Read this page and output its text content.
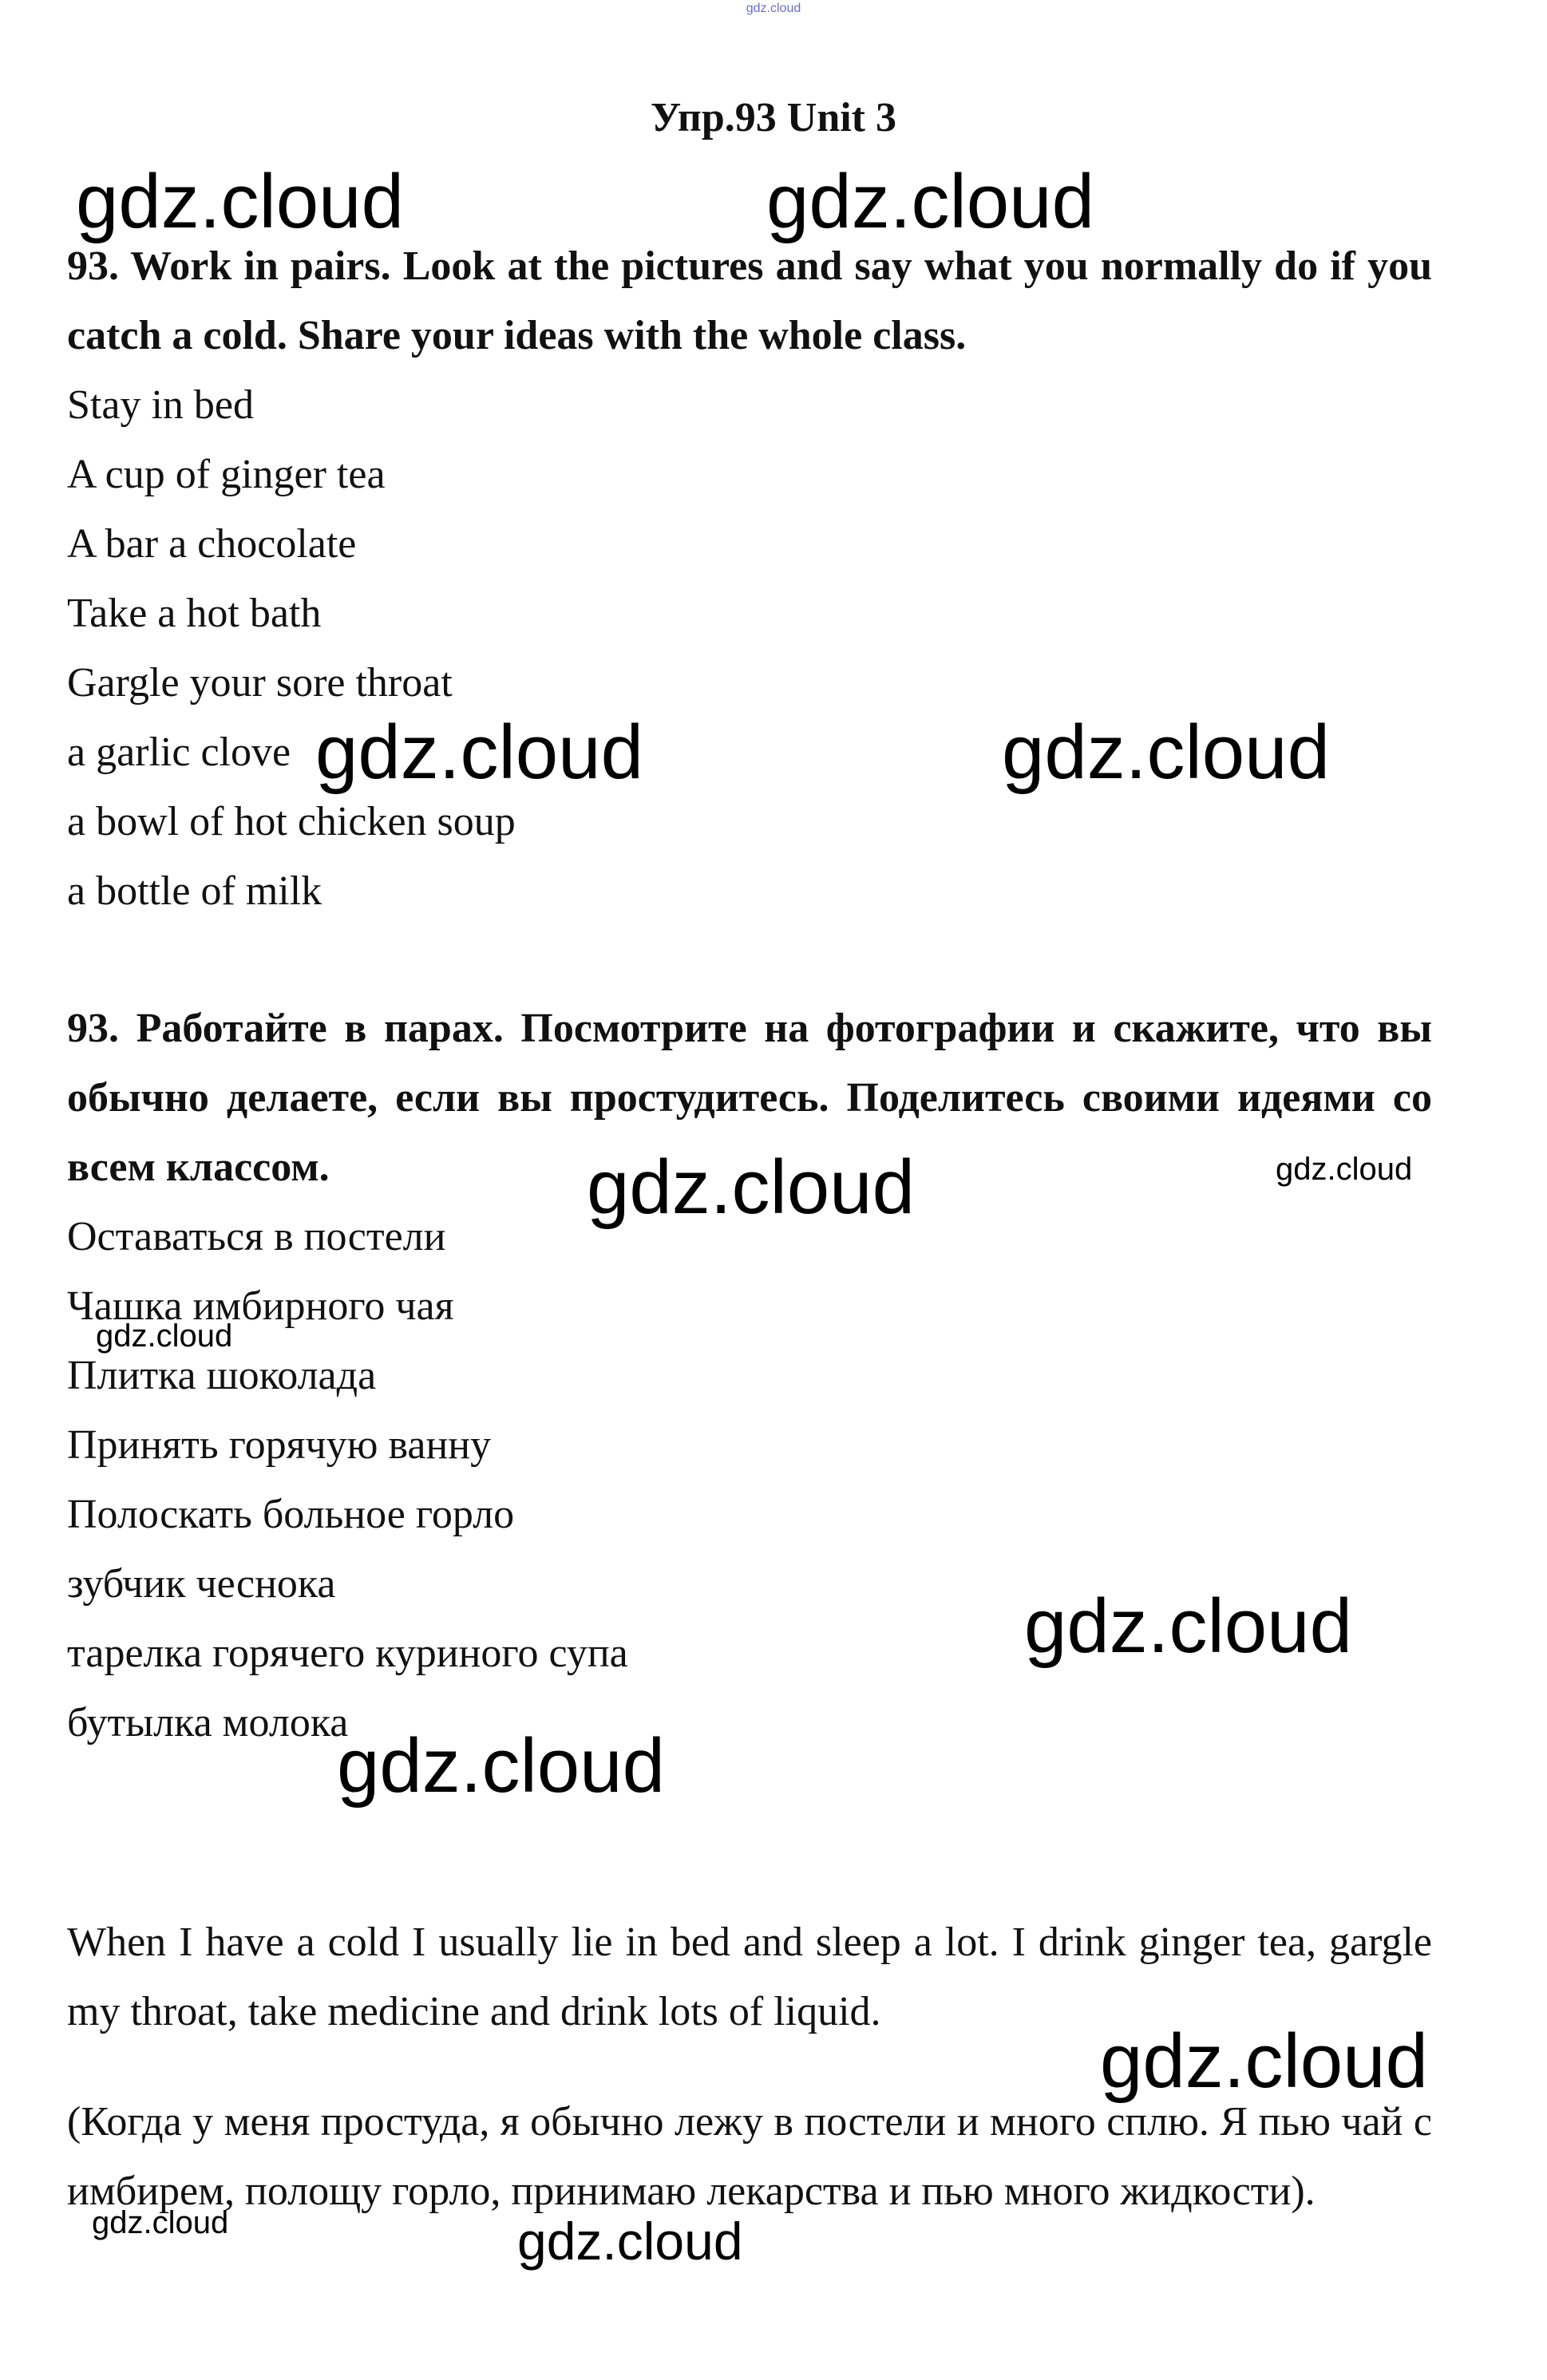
gdz.cloud
Упр.93 Unit 3

93. Work in pairs. Look at the pictures and say what you normally do if you catch a cold. Share your ideas with the whole class.

Stay in bed

A cup of ginger tea

A bar a chocolate

Take a hot bath

Gargle your sore throat

a garlic clove

a bowl of hot chicken soup

a bottle of milk

93. Работайте в парах. Посмотрите на фотографии и скажите, что вы обычно делаете, если вы простудитесь. Поделитесь своими идеями со всем классом.

Оставаться в постели

Чашка имбирного чая

Плитка шоколада

Принять горячую ванну

Полоскать больное горло

зубчик чеснока

тарелка горячего куриного супа

бутылка молока

When I have a cold I usually lie in bed and sleep a lot. I drink ginger tea, gargle my throat, take medicine and drink lots of liquid.

(Когда у меня простуда, я обычно лежу в постели и много сплю. Я пью чай с имбирем, полощу горло, принимаю лекарства и пью много жидкости).

gdz.cloud	gdz.cloud
gdz.cloud	gdz.cloud
gdz.cloud	gdz.cloud
gdz.cloud
gdz.cloud
gdz.cloud
gdz.cloud
gdz.cloud	gdz.cloud
